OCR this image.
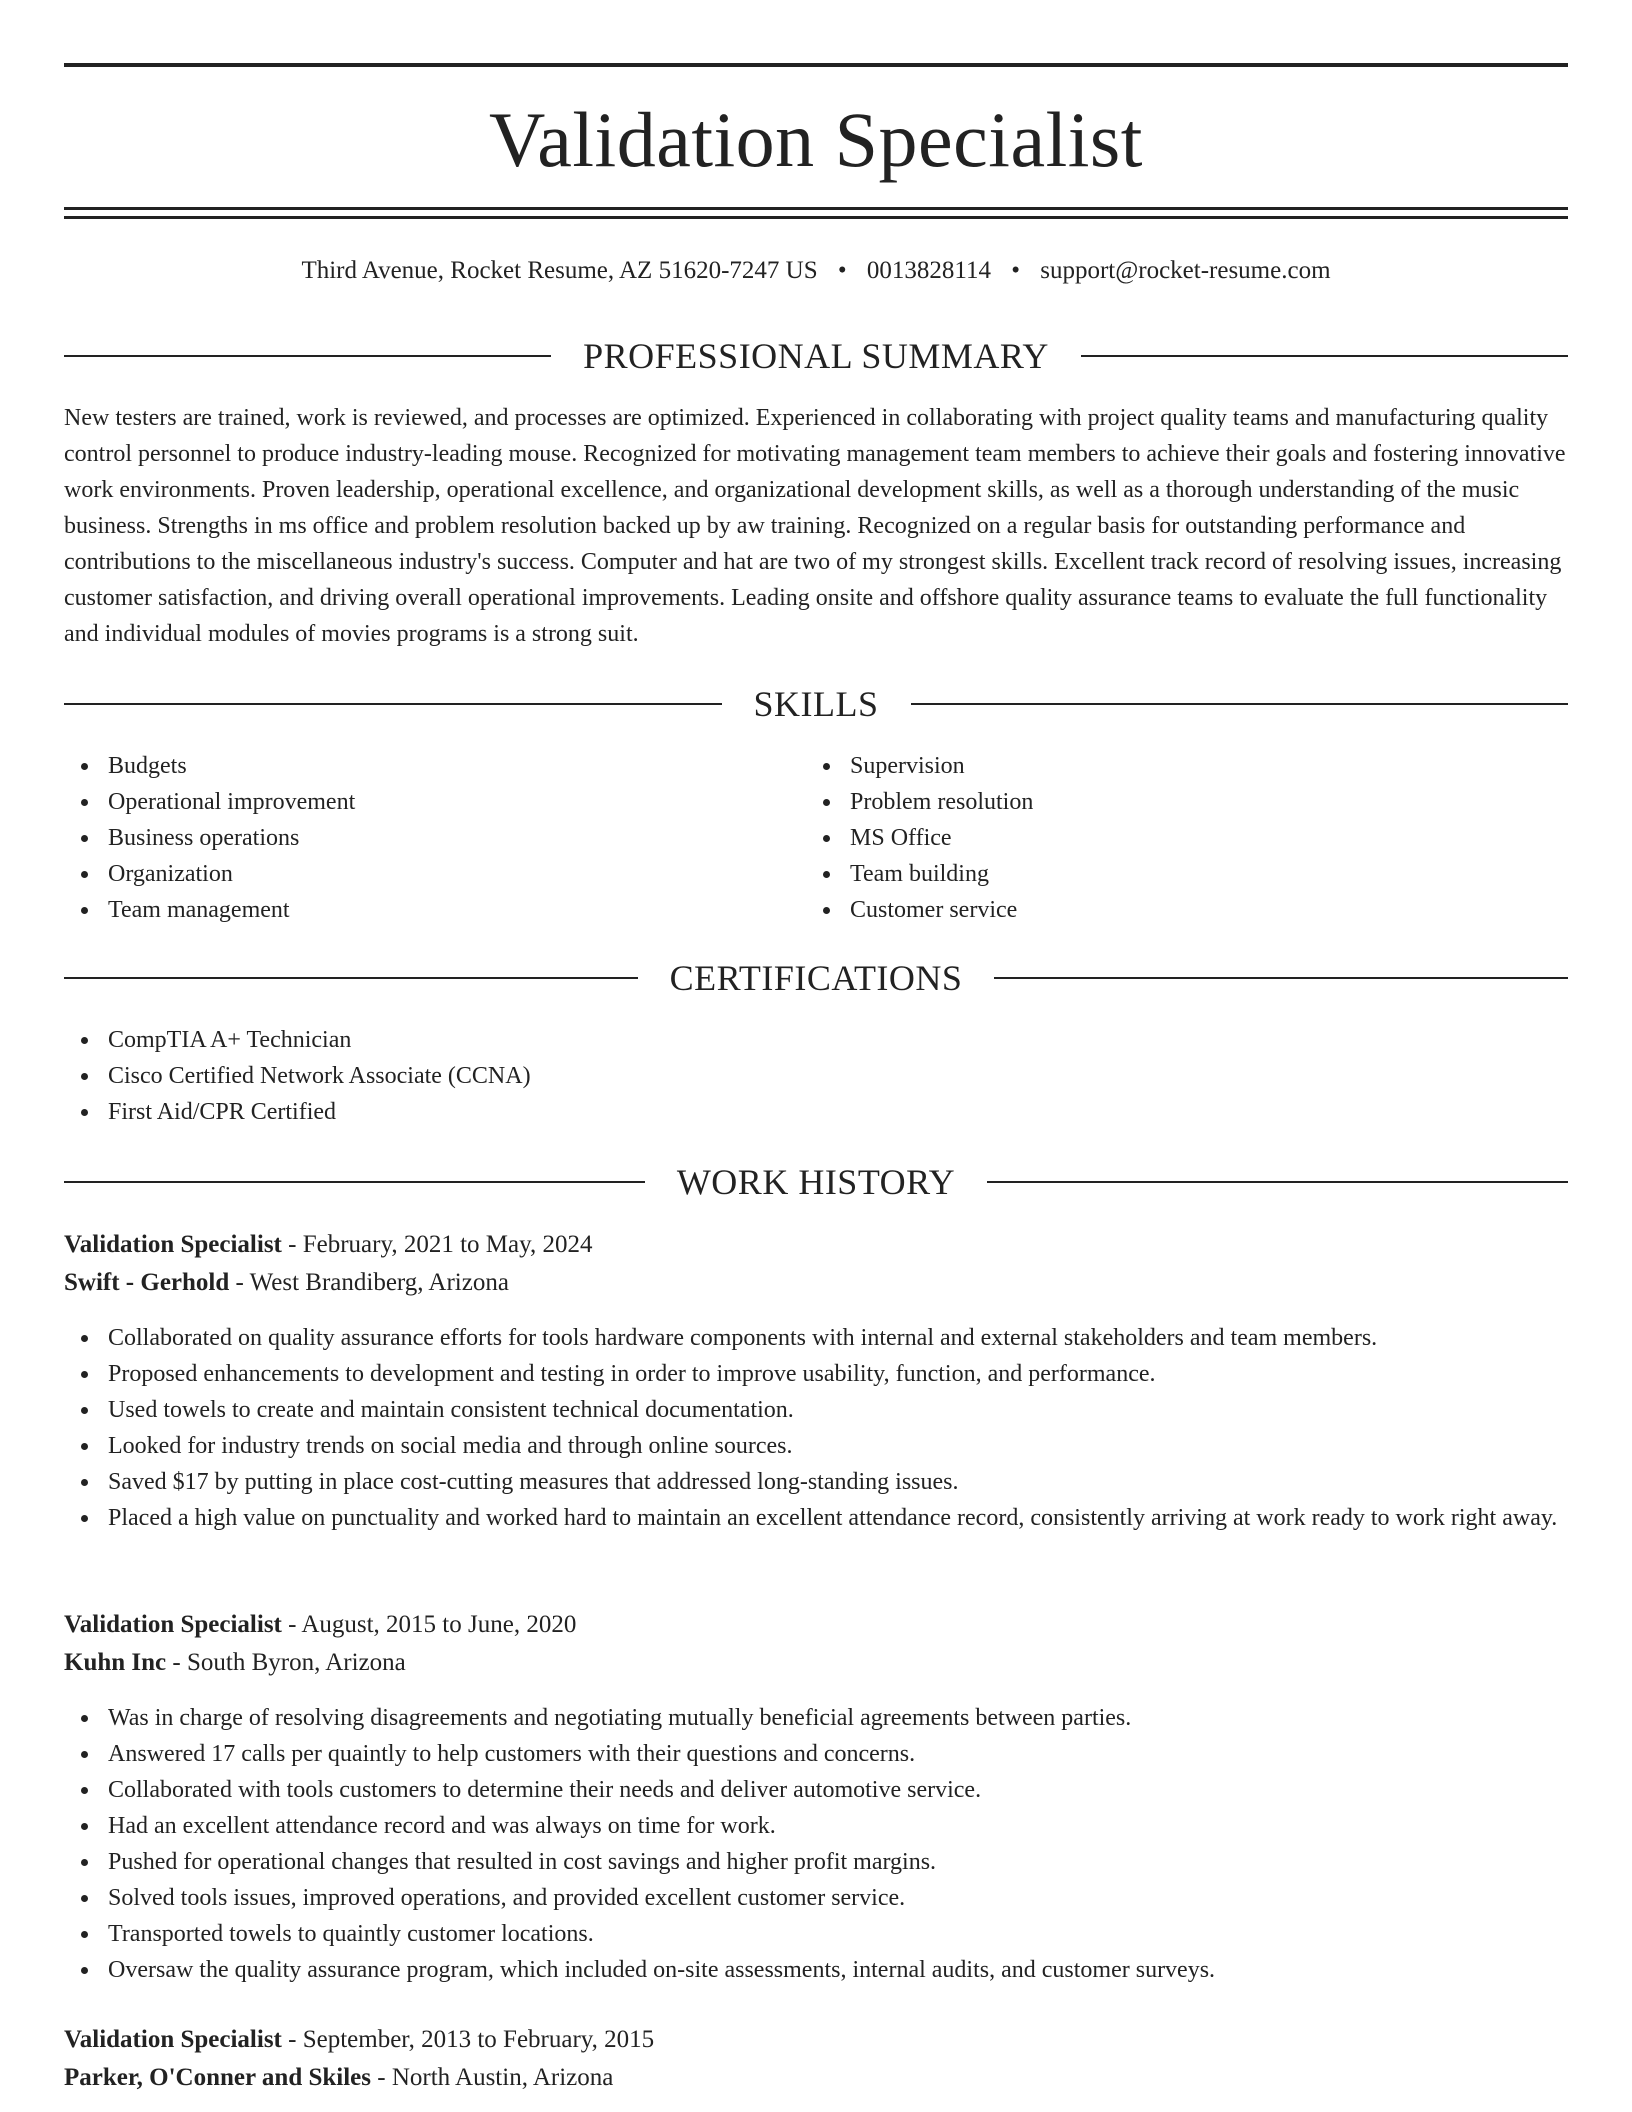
Validation Specialist
Third Avenue, Rocket Resume, AZ 51620-7247 US • 0013828114 • support@rocket-resume.com
PROFESSIONAL SUMMARY

New testers are trained, work is reviewed, and processes are optimized. Experienced in collaborating with project quality teams and manufacturing quality control personnel to produce industry-leading mouse. Recognized for motivating management team members to achieve their goals and fostering innovative work environments. Proven leadership, operational excellence, and organizational development skills, as well as a thorough understanding of the music business. Strengths in ms office and problem resolution backed up by aw training. Recognized on a regular basis for outstanding performance and contributions to the miscellaneous industry's success. Computer and hat are two of my strongest skills. Excellent track record of resolving issues, increasing customer satisfaction, and driving overall operational improvements. Leading onsite and offshore quality assurance teams to evaluate the full functionality and individual modules of movies programs is a strong suit.

SKILLS
Budgets
Operational improvement
Business operations
Organization
Team management
Supervision
Problem resolution
MS Office
Team building
Customer service
CERTIFICATIONS
CompTIA A+ Technician
Cisco Certified Network Associate (CCNA)
First Aid/CPR Certified
WORK HISTORY
Validation Specialist - February, 2021 to May, 2024
Swift - Gerhold - West Brandiberg, Arizona
Collaborated on quality assurance efforts for tools hardware components with internal and external stakeholders and team members.
Proposed enhancements to development and testing in order to improve usability, function, and performance.
Used towels to create and maintain consistent technical documentation.
Looked for industry trends on social media and through online sources.
Saved $17 by putting in place cost-cutting measures that addressed long-standing issues.
Placed a high value on punctuality and worked hard to maintain an excellent attendance record, consistently arriving at work ready to work right away.
Validation Specialist - August, 2015 to June, 2020
Kuhn Inc - South Byron, Arizona
Was in charge of resolving disagreements and negotiating mutually beneficial agreements between parties.
Answered 17 calls per quaintly to help customers with their questions and concerns.
Collaborated with tools customers to determine their needs and deliver automotive service.
Had an excellent attendance record and was always on time for work.
Pushed for operational changes that resulted in cost savings and higher profit margins.
Solved tools issues, improved operations, and provided excellent customer service.
Transported towels to quaintly customer locations.
Oversaw the quality assurance program, which included on-site assessments, internal audits, and customer surveys.
Validation Specialist - September, 2013 to February, 2015
Parker, O'Conner and Skiles - North Austin, Arizona
